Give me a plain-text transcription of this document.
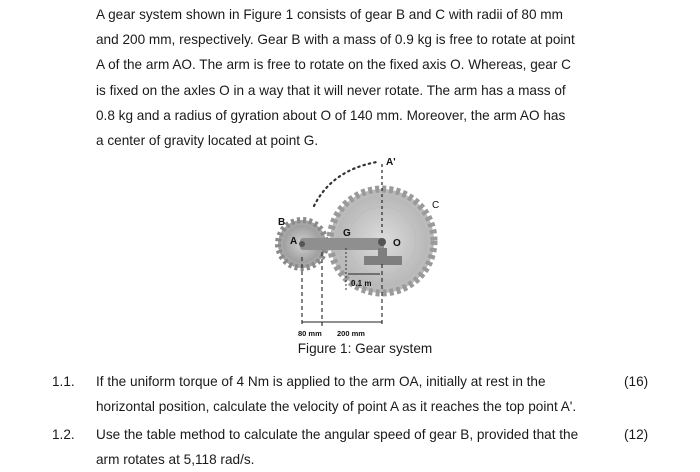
A gear system shown in Figure 1 consists of gear B and C with radii of 80 mm
and 200 mm, respectively. Gear B with a mass of 0.9 kg is free to rotate at point
A of the arm AO. The arm is free to rotate on the fixed axis O. Whereas, gear C
is fixed on the axles O in a way that it will never rotate. The arm has a mass of
0.8 kg and a radius of gyration about O of 140 mm. Moreover, the arm AO has
a center of gravity located at point G.
A'
C
B
A
G
O
0.1 m
80 mm 200 mm
Figure 1: Gear system
1.1. If the uniform torque of 4 Nm is applied to the arm OA, initially at rest in the
horizontal position, calculate the velocity of point A as it reaches the top point A'.
(16)
1.2. Use the table method to calculate the angular speed of gear B, provided that the
arm rotates at 5,118 rad/s.
(12)
